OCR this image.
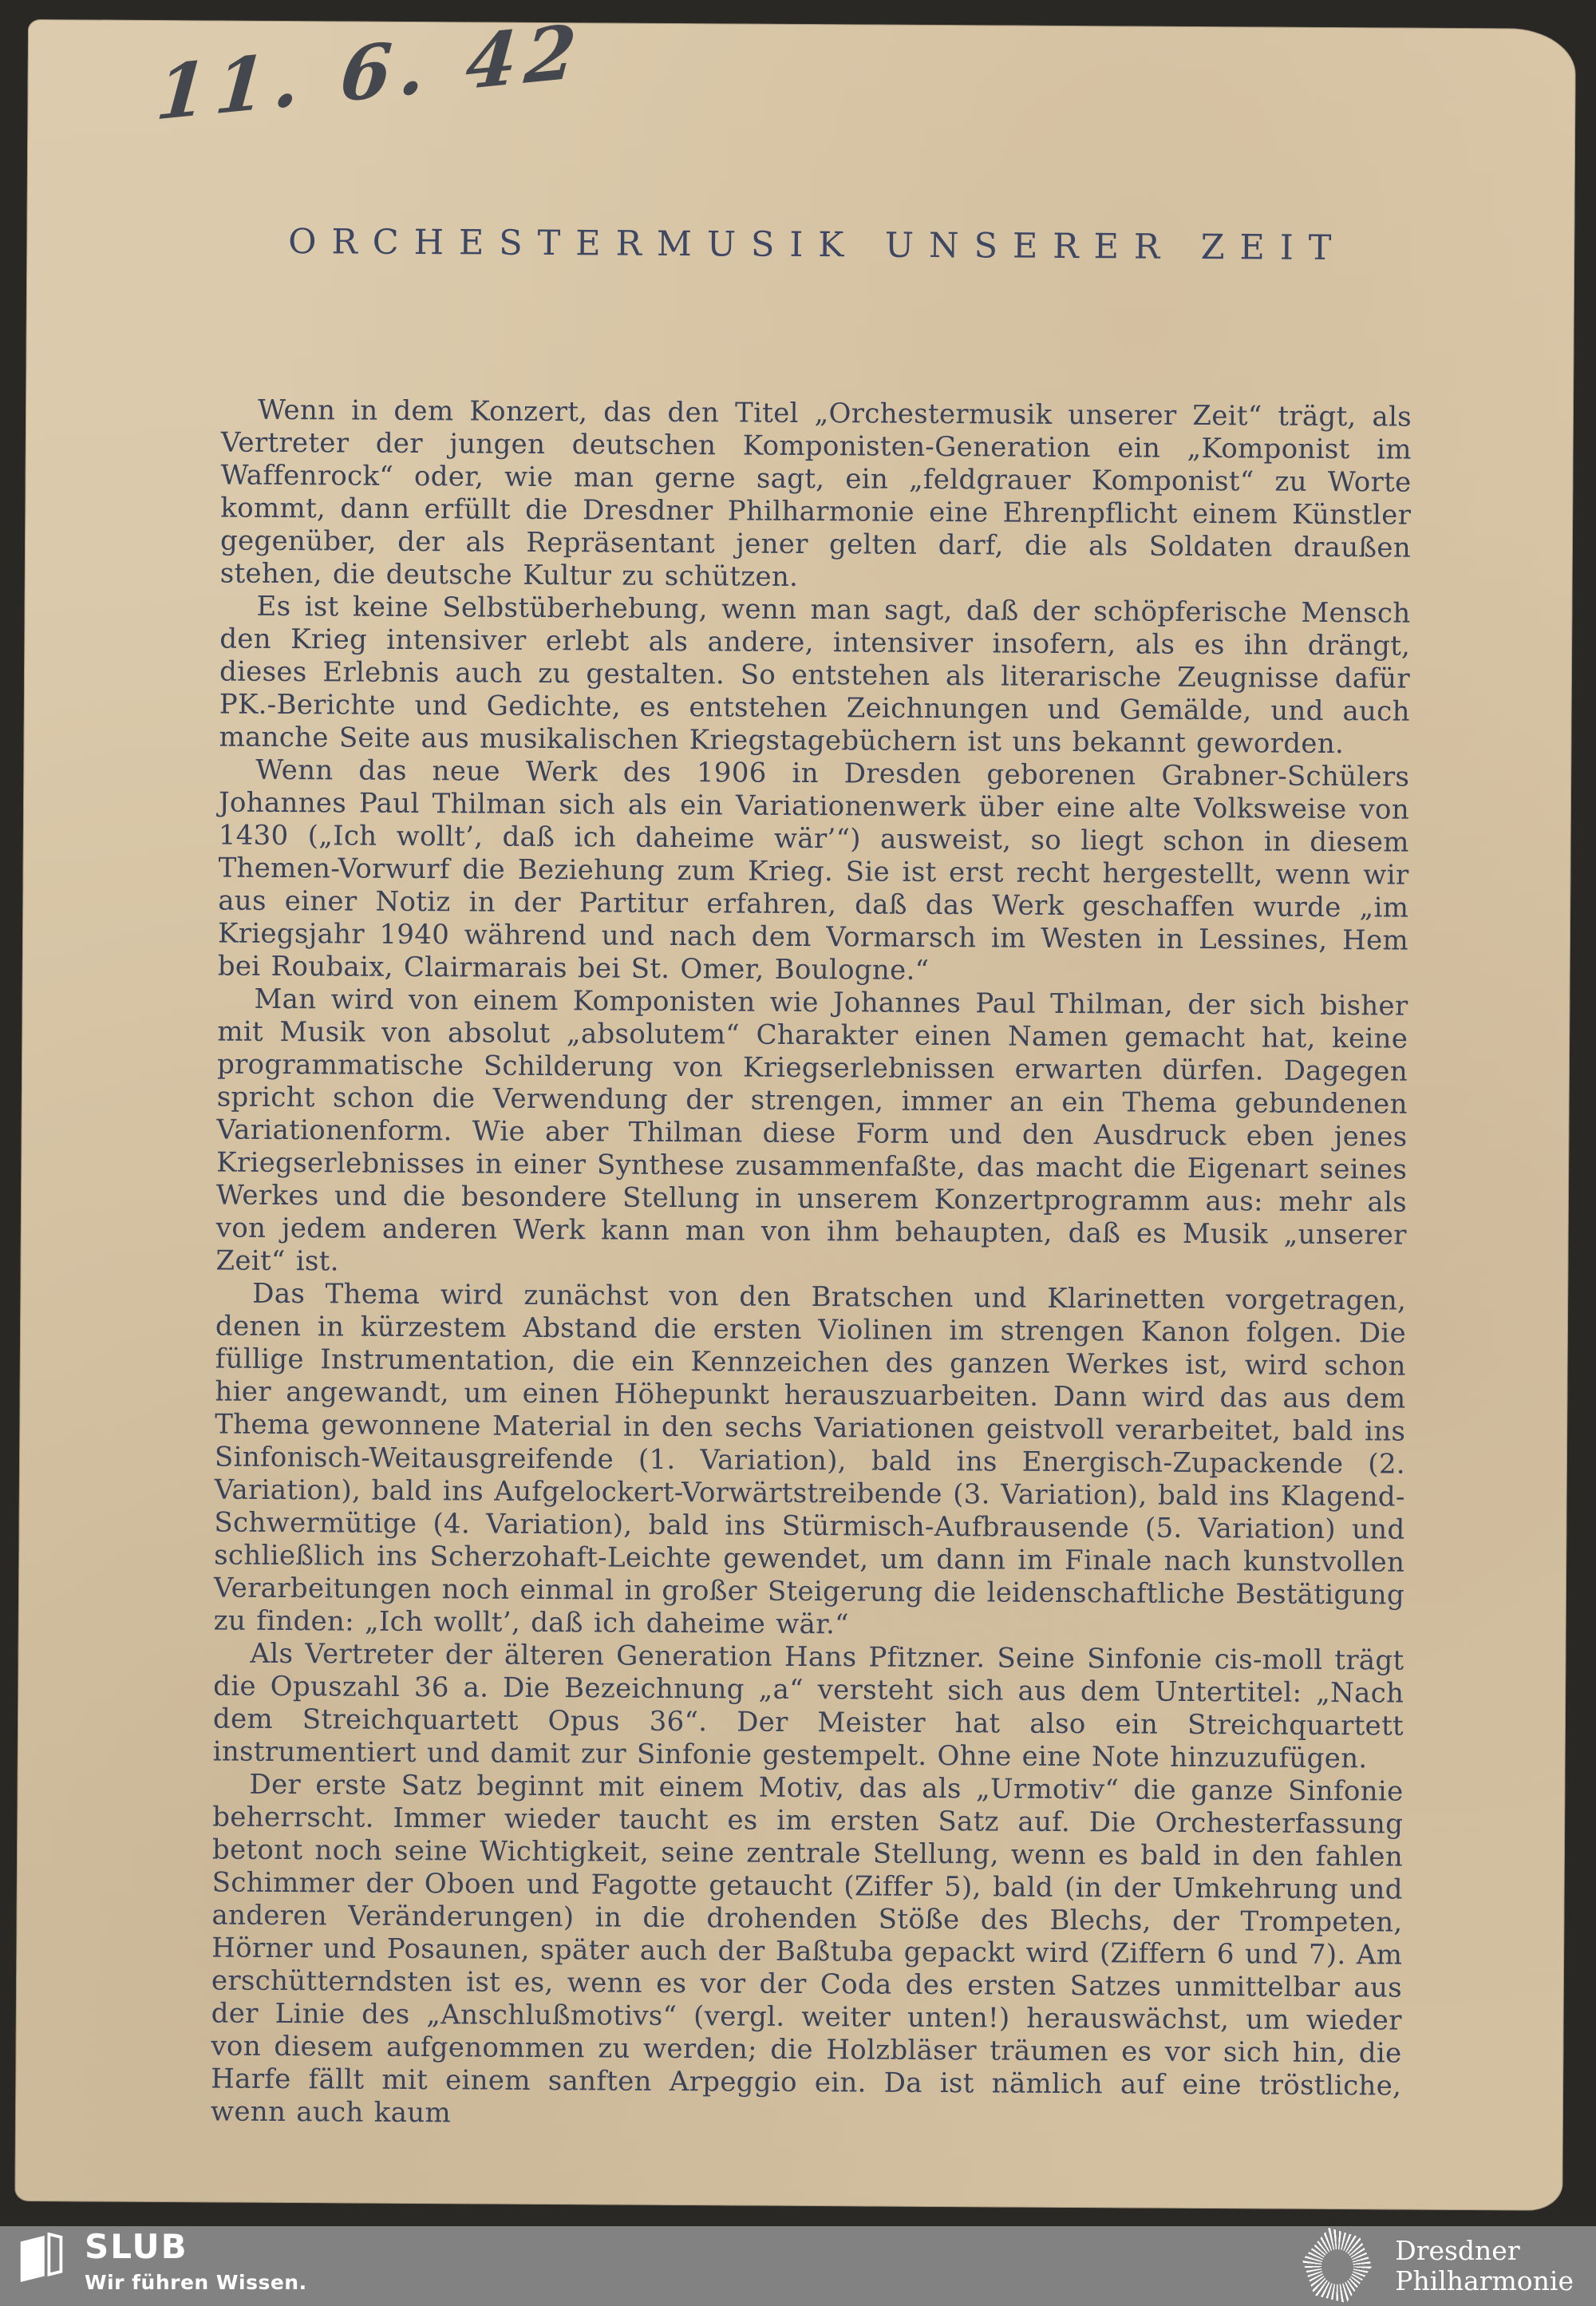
11. 6. 42
ORCHESTERMUSIK UNSERER ZEIT

Wenn in dem Konzert, das den Titel „Orchestermusik unserer Zeit“ trägt, als Vertreter der jungen deutschen Komponisten-Generation ein „Komponist im Waffenrock“ oder, wie man gerne sagt, ein „feldgrauer Komponist“ zu Worte kommt, dann erfüllt die Dresdner Philharmonie eine Ehrenpflicht einem Künstler gegenüber, der als Repräsentant jener gelten darf, die als Soldaten draußen stehen, die deutsche Kultur zu schützen.

Es ist keine Selbstüberhebung, wenn man sagt, daß der schöpferische Mensch den Krieg intensiver erlebt als andere, intensiver insofern, als es ihn drängt, dieses Erlebnis auch zu gestalten. So entstehen als literarische Zeugnisse dafür PK.-Berichte und Gedichte, es entstehen Zeichnungen und Gemälde, und auch manche Seite aus musikalischen Kriegstagebüchern ist uns bekannt geworden.

Wenn das neue Werk des 1906 in Dresden geborenen Grabner-Schülers Johannes Paul Thilman sich als ein Variationenwerk über eine alte Volksweise von 1430 („Ich wollt’, daß ich daheime wär’“) ausweist, so liegt schon in diesem Themen-Vorwurf die Beziehung zum Krieg. Sie ist erst recht hergestellt, wenn wir aus einer Notiz in der Partitur erfahren, daß das Werk geschaffen wurde „im Kriegsjahr 1940 während und nach dem Vormarsch im Westen in Lessines, Hem bei Roubaix, Clairmarais bei St. Omer, Boulogne.“

Man wird von einem Komponisten wie Johannes Paul Thilman, der sich bisher mit Musik von absolut „absolutem“ Charakter einen Namen gemacht hat, keine programmatische Schilderung von Kriegserlebnissen erwarten dürfen. Dagegen spricht schon die Verwendung der strengen, immer an ein Thema gebundenen Variationenform. Wie aber Thilman diese Form und den Ausdruck eben jenes Kriegserlebnisses in einer Synthese zusammenfaßte, das macht die Eigenart seines Werkes und die besondere Stellung in unserem Konzertprogramm aus: mehr als von jedem anderen Werk kann man von ihm behaupten, daß es Musik „unserer Zeit“ ist.

Das Thema wird zunächst von den Bratschen und Klarinetten vorgetragen, denen in kürzestem Abstand die ersten Violinen im strengen Kanon folgen. Die füllige Instrumentation, die ein Kennzeichen des ganzen Werkes ist, wird schon hier angewandt, um einen Höhepunkt herauszuarbeiten. Dann wird das aus dem Thema gewonnene Material in den sechs Variationen geistvoll verarbeitet, bald ins Sinfonisch-Weitausgreifende (1. Variation), bald ins Energisch-Zupackende (2. Variation), bald ins Aufgelockert-Vorwärtstreibende (3. Variation), bald ins Klagend-Schwermütige (4. Variation), bald ins Stürmisch-Aufbrausende (5. Variation) und schließlich ins Scherzohaft-Leichte gewendet, um dann im Finale nach kunstvollen Verarbeitungen noch einmal in großer Steigerung die leidenschaftliche Bestätigung zu finden: „Ich wollt’, daß ich daheime wär.“

Als Vertreter der älteren Generation Hans Pfitzner. Seine Sinfonie cis-moll trägt die Opuszahl 36 a. Die Bezeichnung „a“ versteht sich aus dem Untertitel: „Nach dem Streichquartett Opus 36“. Der Meister hat also ein Streichquartett instrumentiert und damit zur Sinfonie gestempelt. Ohne eine Note hinzuzufügen.

Der erste Satz beginnt mit einem Motiv, das als „Urmotiv“ die ganze Sinfonie beherrscht. Immer wieder taucht es im ersten Satz auf. Die Orchesterfassung betont noch seine Wichtigkeit, seine zentrale Stellung, wenn es bald in den fahlen Schimmer der Oboen und Fagotte getaucht (Ziffer 5), bald (in der Umkehrung und anderen Veränderungen) in die drohenden Stöße des Blechs, der Trompeten, Hörner und Posaunen, später auch der Baßtuba gepackt wird (Ziffern 6 und 7). Am erschütterndsten ist es, wenn es vor der Coda des ersten Satzes unmittelbar aus der Linie des „Anschlußmotivs“ (vergl. weiter unten!) herauswächst, um wieder von diesem aufgenommen zu werden; die Holzbläser träumen es vor sich hin, die Harfe fällt mit einem sanften Arpeggio ein. Da ist nämlich auf eine tröstliche, wenn auch kaum

SLUB
Wir führen Wissen.
Dresdner
Philharmonie
